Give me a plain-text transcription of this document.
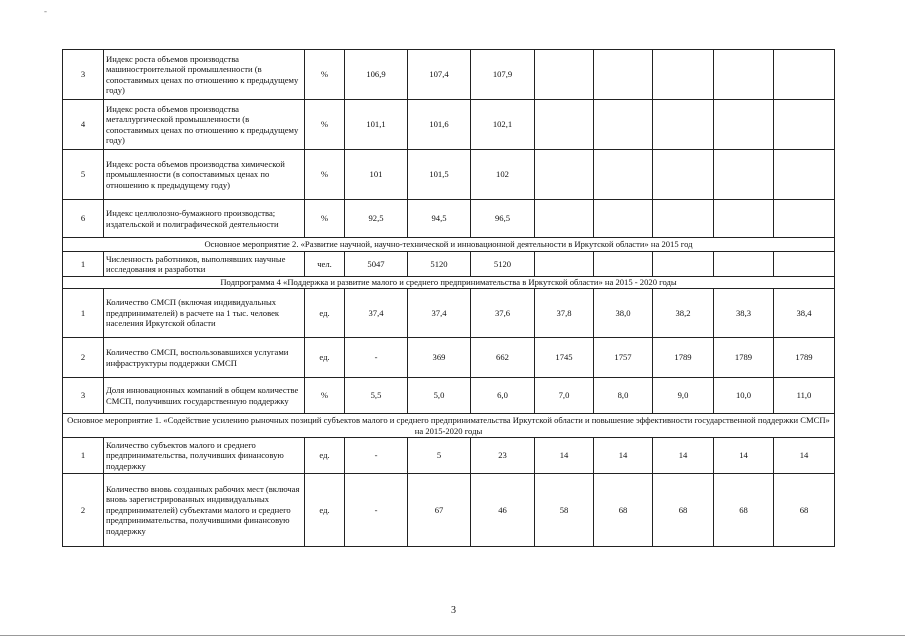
-
3	Индекс роста объемов производства машиностроительной промышленности (в сопоставимых ценах по отношению к предыдущему году)	%	106,9	107,4	107,9					
4	Индекс роста объемов производства металлургической промышленности (в сопоставимых ценах по отношению к предыдущему году)	%	101,1	101,6	102,1					
5	Индекс роста объемов производства химической промышленности (в сопоставимых ценах по отношению к предыдущему году)	%	101	101,5	102					
6	Индекс целлюлозно-бумажного производства; издательской и полиграфической деятельности	%	92,5	94,5	96,5					
Основное мероприятие 2. «Развитие научной, научно-технической и инновационной деятельности в Иркутской области» на 2015 год										
1	Численность работников, выполнявших научные исследования и разработки	чел.	5047	5120	5120					
Подпрограмма 4 «Поддержка и развитие малого и среднего предпринимательства в Иркутской области» на 2015 - 2020 годы										
1	Количество СМСП (включая индивидуальных предпринимателей) в расчете на 1 тыс. человек населения Иркутской области	ед.	37,4	37,4	37,6	37,8	38,0	38,2	38,3	38,4
2	Количество СМСП, воспользовавшихся услугами инфраструктуры поддержки СМСП	ед.	-	369	662	1745	1757	1789	1789	1789
3	Доля инновационных компаний в общем количестве СМСП, получивших государственную поддержку	%	5,5	5,0	6,0	7,0	8,0	9,0	10,0	11,0
Основное мероприятие 1. «Содействие усилению рыночных позиций субъектов малого и среднего предпринимательства Иркутской области и повышение эффективности государственной поддержки СМСП» на 2015-2020 годы										
1	Количество субъектов малого и среднего предпринимательства, получивших финансовую поддержку	ед.	-	5	23	14	14	14	14	14
2	Количество вновь созданных рабочих мест (включая вновь зарегистрированных индивидуальных предпринимателей) субъектами малого и среднего предпринимательства, получившими финансовую поддержку	ед.	-	67	46	58	68	68	68	68
3
